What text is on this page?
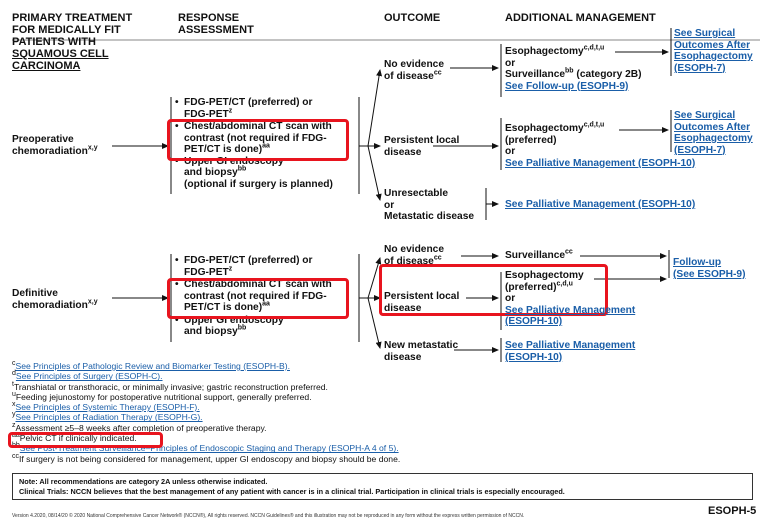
PRIMARY TREATMENT
FOR MEDICALLY FIT
PATIENTS WITH
SQUAMOUS CELL
CARCINOMA
RESPONSE
ASSESSMENT
OUTCOME	ADDITIONAL MANAGEMENT
Preoperative
chemoradiation$^{x,y}$
• FDG-PET/CT (preferred) or
FDG-PET$^z$
• Chest/abdominal CT scan with
contrast (not required if FDG-
PET/CT is done)$^{aa}$
• Upper GI endoscopy
and biopsy$^{bb}$
(optional if surgery is planned)
No evidence
of disease$^{cc}$
Persistent local
disease
Unresectable
or
Metastatic disease
Esophagectomy$^{c,d,t,u}$
or
Surveillance$^{bb}$ (category 2B)
See Follow-up (ESOPH-9)
Esophagectomy$^{c,d,t,u}$
(preferred)
or
See Palliative Management (ESOPH-10)
See Palliative Management (ESOPH-10)
See Surgical
Outcomes After
Esophagectomy
(ESOPH-7)
See Surgical
Outcomes After
Esophagectomy
(ESOPH-7)
Definitive
chemoradiation$^{x,y}$
• FDG-PET/CT (preferred) or
FDG-PET$^z$
• Chest/abdominal CT scan with
contrast (not required if FDG-
PET/CT is done)$^{aa}$
• Upper GI endoscopy
and biopsy$^{bb}$
No evidence
of disease$^{cc}$
Persistent local
disease
New metastatic
disease
Surveillance$^{cc}$
Esophagectomy
(preferred)$^{c,d,u}$
or
See Palliative Management
(ESOPH-10)
See Palliative Management
(ESOPH-10)
Follow-up
(See ESOPH-9)
$^c$See Principles of Pathologic Review and Biomarker Testing (ESOPH-B).
$^d$See Principles of Surgery (ESOPH-C).
$^t$Transhiatal or transthoracic, or minimally invasive; gastric reconstruction preferred.
$^u$Feeding jejunostomy for postoperative nutritional support, generally preferred.
$^x$See Principles of Systemic Therapy (ESOPH-F).
$^y$See Principles of Radiation Therapy (ESOPH-G).
$^z$Assessment ≥5–8 weeks after completion of preoperative therapy.
$^{aa}$Pelvic CT if clinically indicated.
$^{bb}$See Post-Treatment Surveillance–Principles of Endoscopic Staging and Therapy (ESOPH-A 4 of 5).
$^{cc}$If surgery is not being considered for management, upper GI endoscopy and biopsy should be done.
Note: All recommendations are category 2A unless otherwise indicated.
Clinical Trials: NCCN believes that the best management of any patient with cancer is in a clinical trial. Participation in clinical trials is especially encouraged.
Version 4.2020, 08/14/20 © 2020 National Comprehensive Cancer Network® (NCCN®), All rights reserved. NCCN Guidelines® and this illustration may not be reproduced in any form without the express written permission of NCCN.	ESOPH-5
